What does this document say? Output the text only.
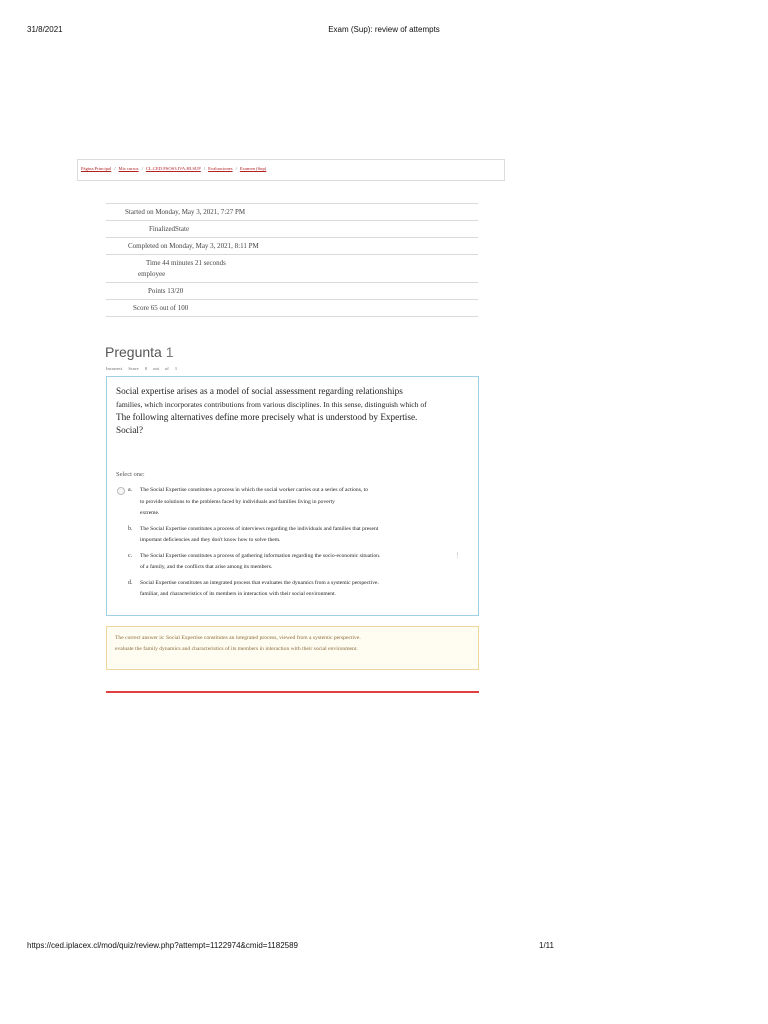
31/8/2021	Exam (Sup): review of attempts
Página Principal / Mis cursos / CL.CED.PSOS3.IVA.HI.SUP / Evaluaciones / Examen (Sup)
Started on Monday, May 3, 2021, 7:27 PM
FinalizedState
Completed on Monday, May 3, 2021, 8:11 PM
Time 44 minutes 21 seconds
employee
Points 13/20
Score 65 out of 100
Pregunta 1
Incorrect Score 0 out of 1
Social expertise arises as a model of social assessment regarding relationships
families, which incorporates contributions from various disciplines. In this sense, distinguish which of
The following alternatives define more precisely what is understood by Expertise.
Social?
Select one:
a. The Social Expertise constitutes a process in which the social worker carries out a series of actions, to
to provide solutions to the problems faced by individuals and families living in poverty
extreme.
b. The Social Expertise constitutes a process of interviews regarding the individuals and families that present
important deficiencies and they don't know how to solve them.
c. The Social Expertise constitutes a process of gathering information regarding the socio-economic situation.
of a family, and the conflicts that arise among its members.
d. Social Expertise constitutes an integrated process that evaluates the dynamics from a systemic perspective.
familiar, and characteristics of its members in interaction with their social environment.
!
The correct answer is: Social Expertise constitutes an integrated process, viewed from a systemic perspective.
evaluate the family dynamics and characteristics of its members in interaction with their social environment.
https://ced.iplacex.cl/mod/quiz/review.php?attempt=1122974&cmid=1182589	1/11
